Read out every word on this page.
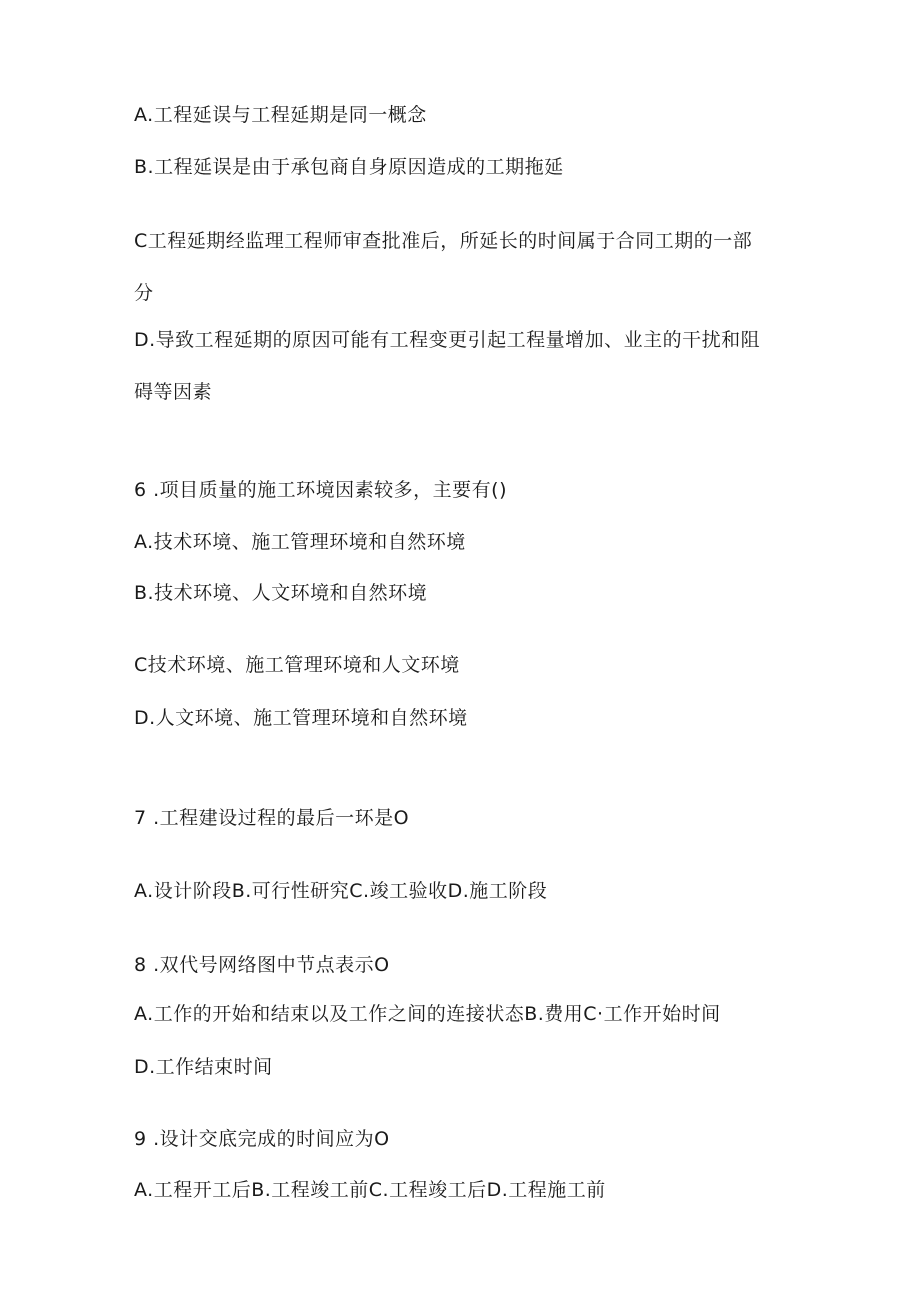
A.工程延误与工程延期是同一概念
B.工程延误是由于承包商自身原因造成的工期拖延
C工程延期经监理工程师审查批准后，所延长的时间属于合同工期的一部
分
D.导致工程延期的原因可能有工程变更引起工程量增加、业主的干扰和阻
碍等因素
6 .项目质量的施工环境因素较多，主要有()
A.技术环境、施工管理环境和自然环境
B.技术环境、人文环境和自然环境
C技术环境、施工管理环境和人文环境
D.人文环境、施工管理环境和自然环境
7 .工程建设过程的最后一环是O
A.设计阶段B.可行性研究C.竣工验收D.施工阶段
8 .双代号网络图中节点表示O
A.工作的开始和结束以及工作之间的连接状态B.费用C·工作开始时间
D.工作结束时间
9 .设计交底完成的时间应为O
A.工程开工后B.工程竣工前C.工程竣工后D.工程施工前
